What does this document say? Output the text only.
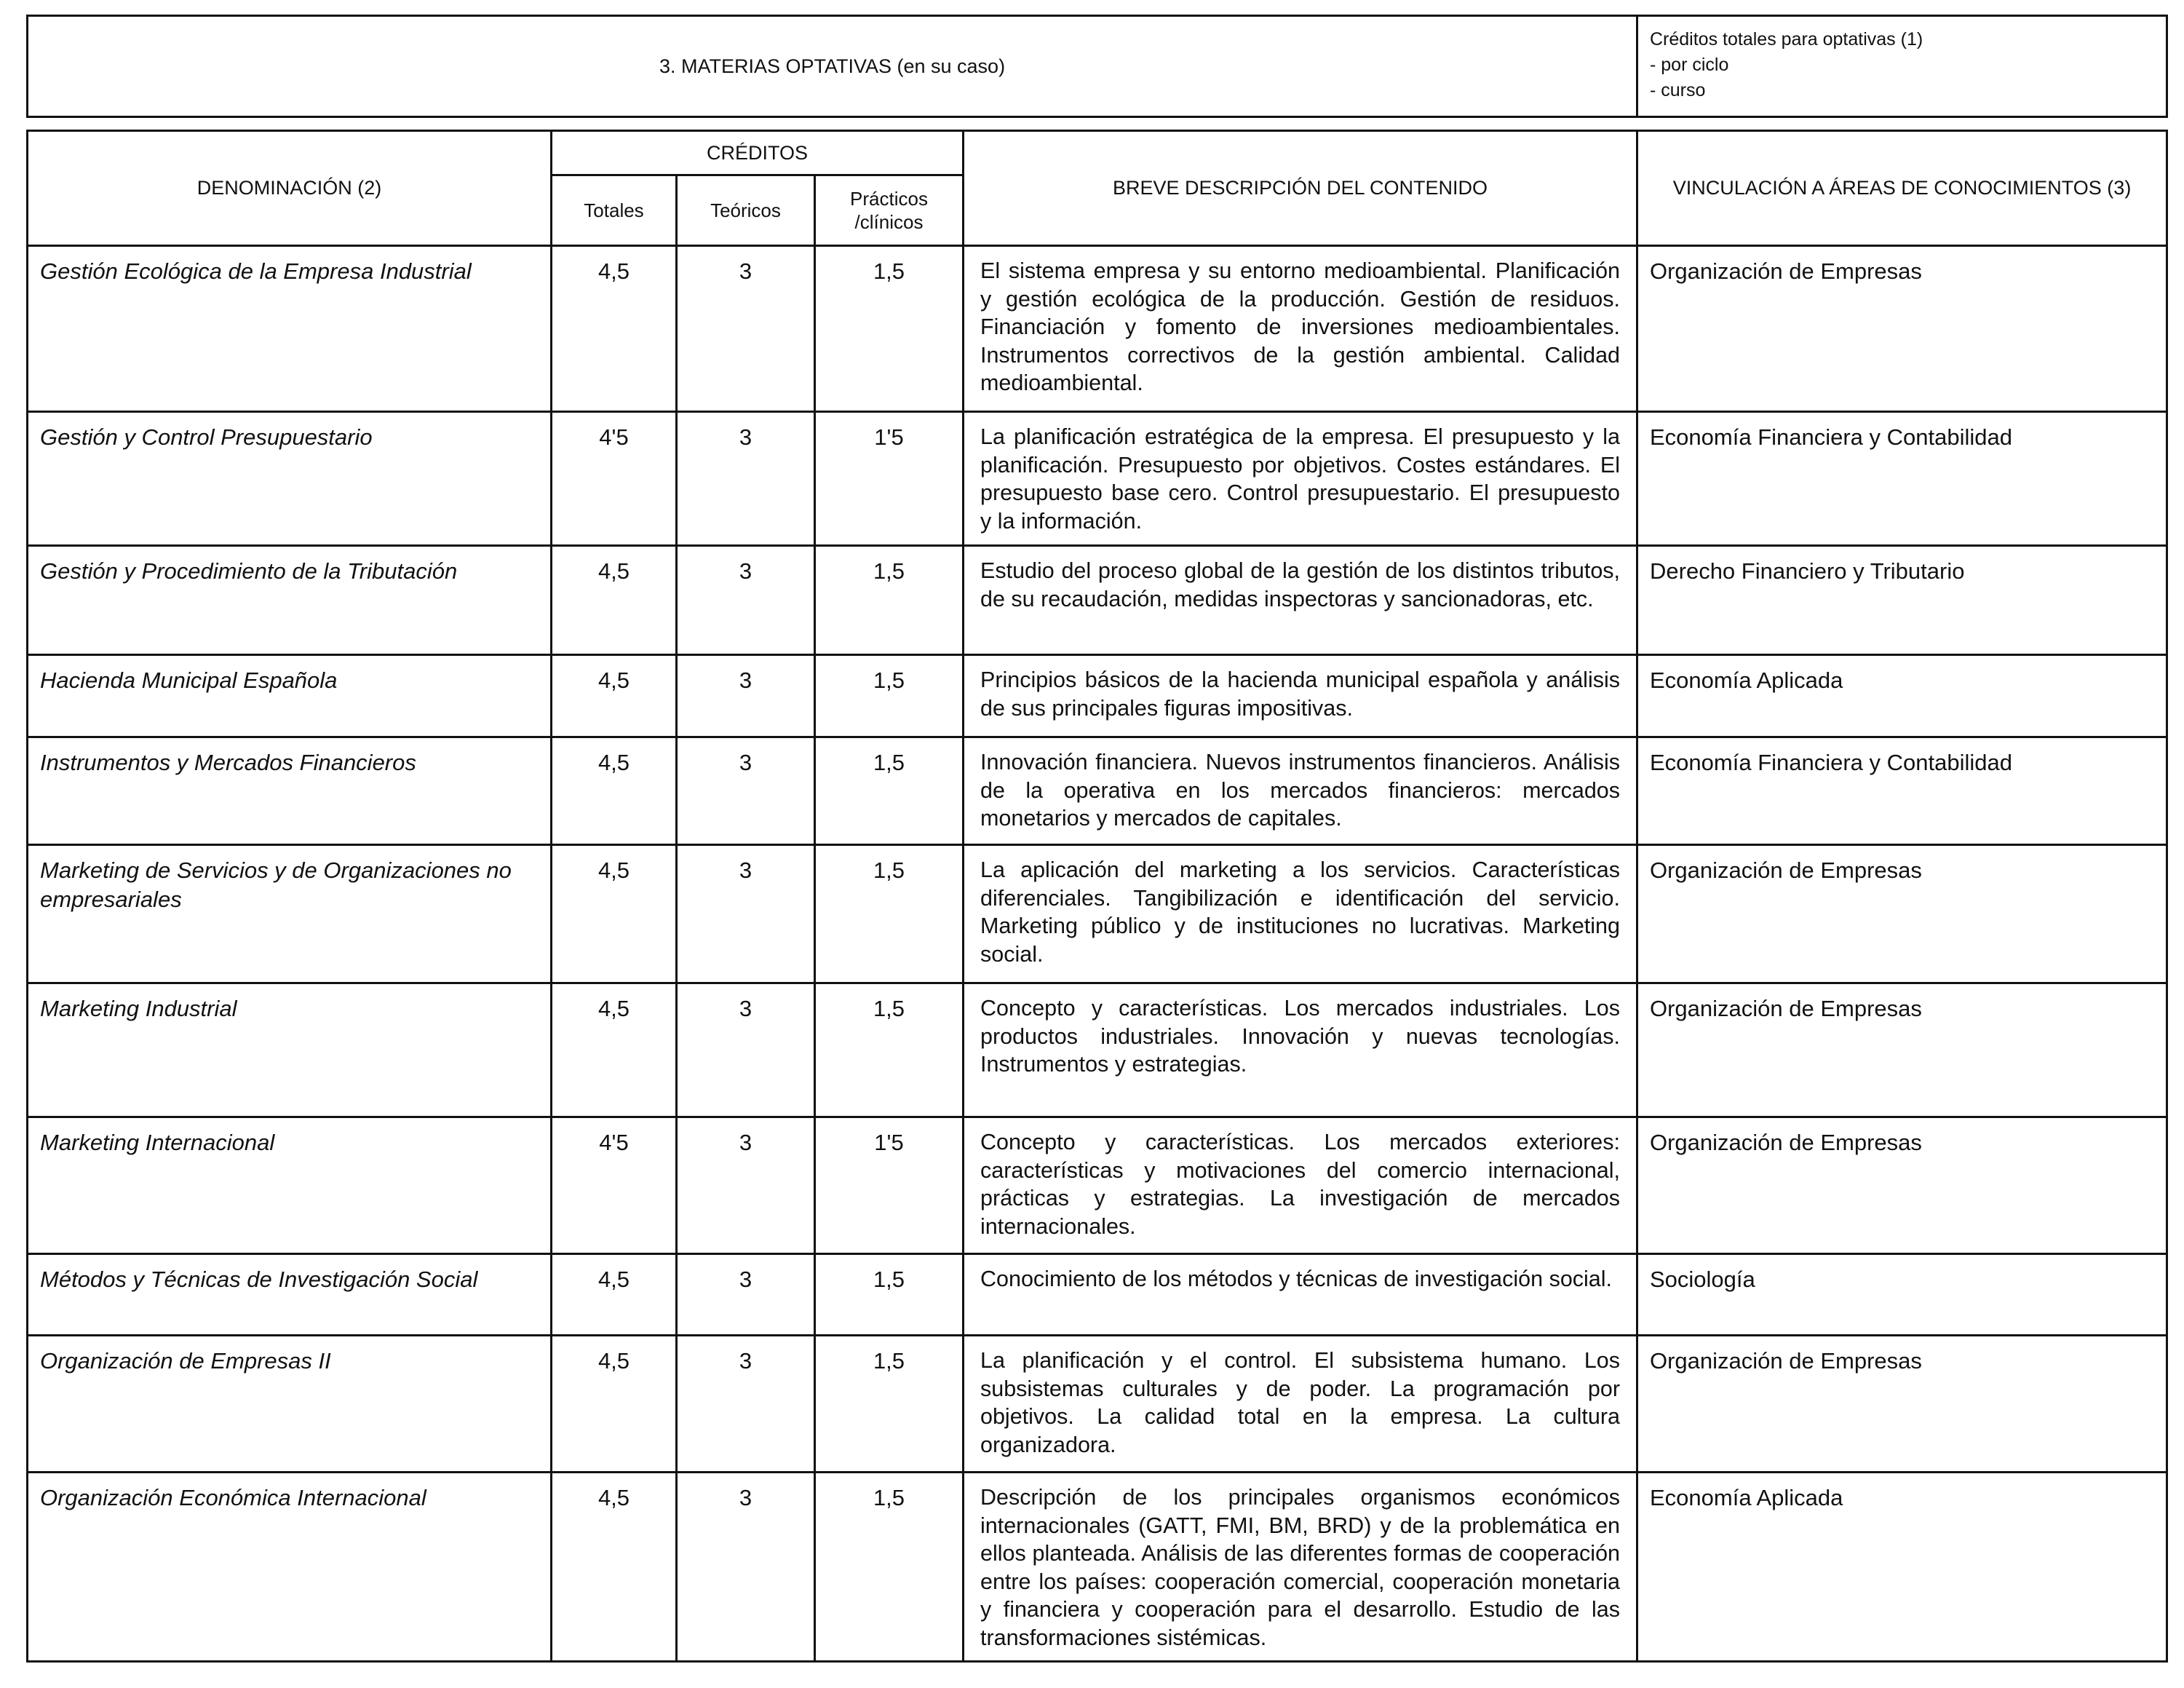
3. MATERIAS OPTATIVAS (en su caso)					Créditos totales para optativas (1)
- por ciclo
- curso

DENOMINACIÓN (2)	CRÉDITOS			BREVE DESCRIPCIÓN DEL CONTENIDO	VINCULACIÓN A ÁREAS DE CONOCIMIENTOS (3)
	Totales	Teóricos	Prácticos
/clínicos		

Gestión Ecológica de la Empresa Industrial	4,5	3	1,5	El sistema empresa y su entorno medioambiental. Planificación y gestión ecológica de la producción. Gestión de residuos. Financiación y fomento de inversiones medioambientales. Instrumentos correctivos de la gestión ambiental. Calidad medioambiental.	Organización de Empresas
Gestión y Control Presupuestario	4'5	3	1'5	La planificación estratégica de la empresa. El presupuesto y la planificación. Presupuesto por objetivos. Costes estándares. El presupuesto base cero. Control presupuestario. El presupuesto y la información.	Economía Financiera y Contabilidad
Gestión y Procedimiento de la Tributación	4,5	3	1,5	Estudio del proceso global de la gestión de los distintos tributos, de su recaudación, medidas inspectoras y sancionadoras, etc.	Derecho Financiero y Tributario
Hacienda Municipal Española	4,5	3	1,5	Principios básicos de la hacienda municipal española y análisis de sus principales figuras impositivas.	Economía Aplicada
Instrumentos y Mercados Financieros	4,5	3	1,5	Innovación financiera. Nuevos instrumentos financieros. Análisis de la operativa en los mercados financieros: mercados monetarios y mercados de capitales.	Economía Financiera y Contabilidad
Marketing de Servicios y de Organizaciones no empresariales	4,5	3	1,5	La aplicación del marketing a los servicios. Características diferenciales. Tangibilización e identificación del servicio. Marketing público y de instituciones no lucrativas. Marketing social.	Organización de Empresas
Marketing Industrial	4,5	3	1,5	Concepto y características. Los mercados industriales. Los productos industriales. Innovación y nuevas tecnologías. Instrumentos y estrategias.	Organización de Empresas
Marketing Internacional	4'5	3	1'5	Concepto y características. Los mercados exteriores: características y motivaciones del comercio internacional, prácticas y estrategias. La investigación de mercados internacionales.	Organización de Empresas
Métodos y Técnicas de Investigación Social	4,5	3	1,5	Conocimiento de los métodos y técnicas de investigación social.	Sociología
Organización de Empresas II	4,5	3	1,5	La planificación y el control. El subsistema humano. Los subsistemas culturales y de poder. La programación por objetivos. La calidad total en la empresa. La cultura organizadora.	Organización de Empresas
Organización Económica Internacional	4,5	3	1,5	Descripción de los principales organismos económicos internacionales (GATT, FMI, BM, BRD) y de la problemática en ellos planteada. Análisis de las diferentes formas de cooperación entre los países: cooperación comercial, cooperación monetaria y financiera y cooperación para el desarrollo. Estudio de las transformaciones sistémicas.	Economía Aplicada
